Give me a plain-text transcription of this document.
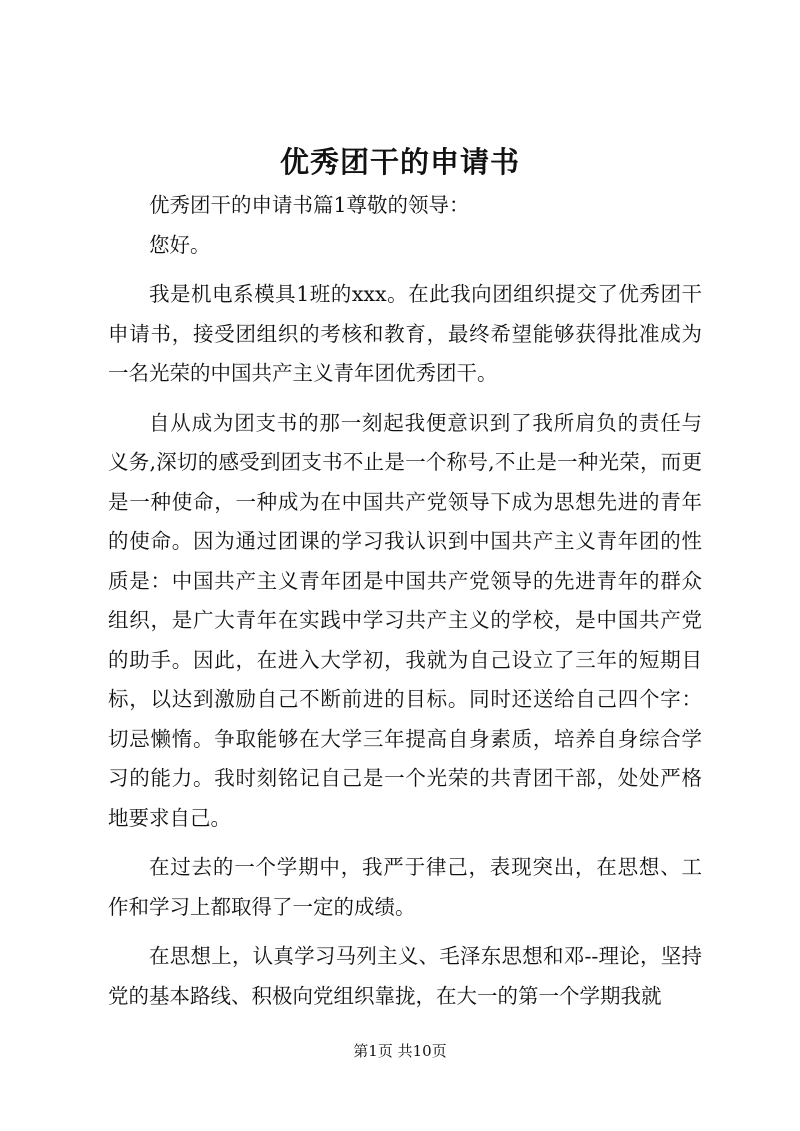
优秀团干的申请书

优秀团干的申请书篇1尊敬的领导：

您好。

我是机电系模具1班的xxx。在此我向团组织提交了优秀团干申请书，接受团组织的考核和教育，最终希望能够获得批准成为一名光荣的中国共产主义青年团优秀团干。

自从成为团支书的那一刻起我便意识到了我所肩负的责任与义务,深切的感受到团支书不止是一个称号,不止是一种光荣，而更是一种使命，一种成为在中国共产党领导下成为思想先进的青年的使命。因为通过团课的学习我认识到中国共产主义青年团的性质是：中国共产主义青年团是中国共产党领导的先进青年的群众组织，是广大青年在实践中学习共产主义的学校，是中国共产党的助手。因此，在进入大学初，我就为自己设立了三年的短期目标，以达到激励自己不断前进的目标。同时还送给自己四个字：切忌懒惰。争取能够在大学三年提高自身素质，培养自身综合学习的能力。我时刻铭记自己是一个光荣的共青团干部，处处严格地要求自己。

在过去的一个学期中，我严于律己，表现突出，在思想、工作和学习上都取得了一定的成绩。

在思想上，认真学习马列主义、毛泽东思想和邓--理论，坚持党的基本路线、积极向党组织靠拢，在大一的第一个学期我就

第1页 共10页
